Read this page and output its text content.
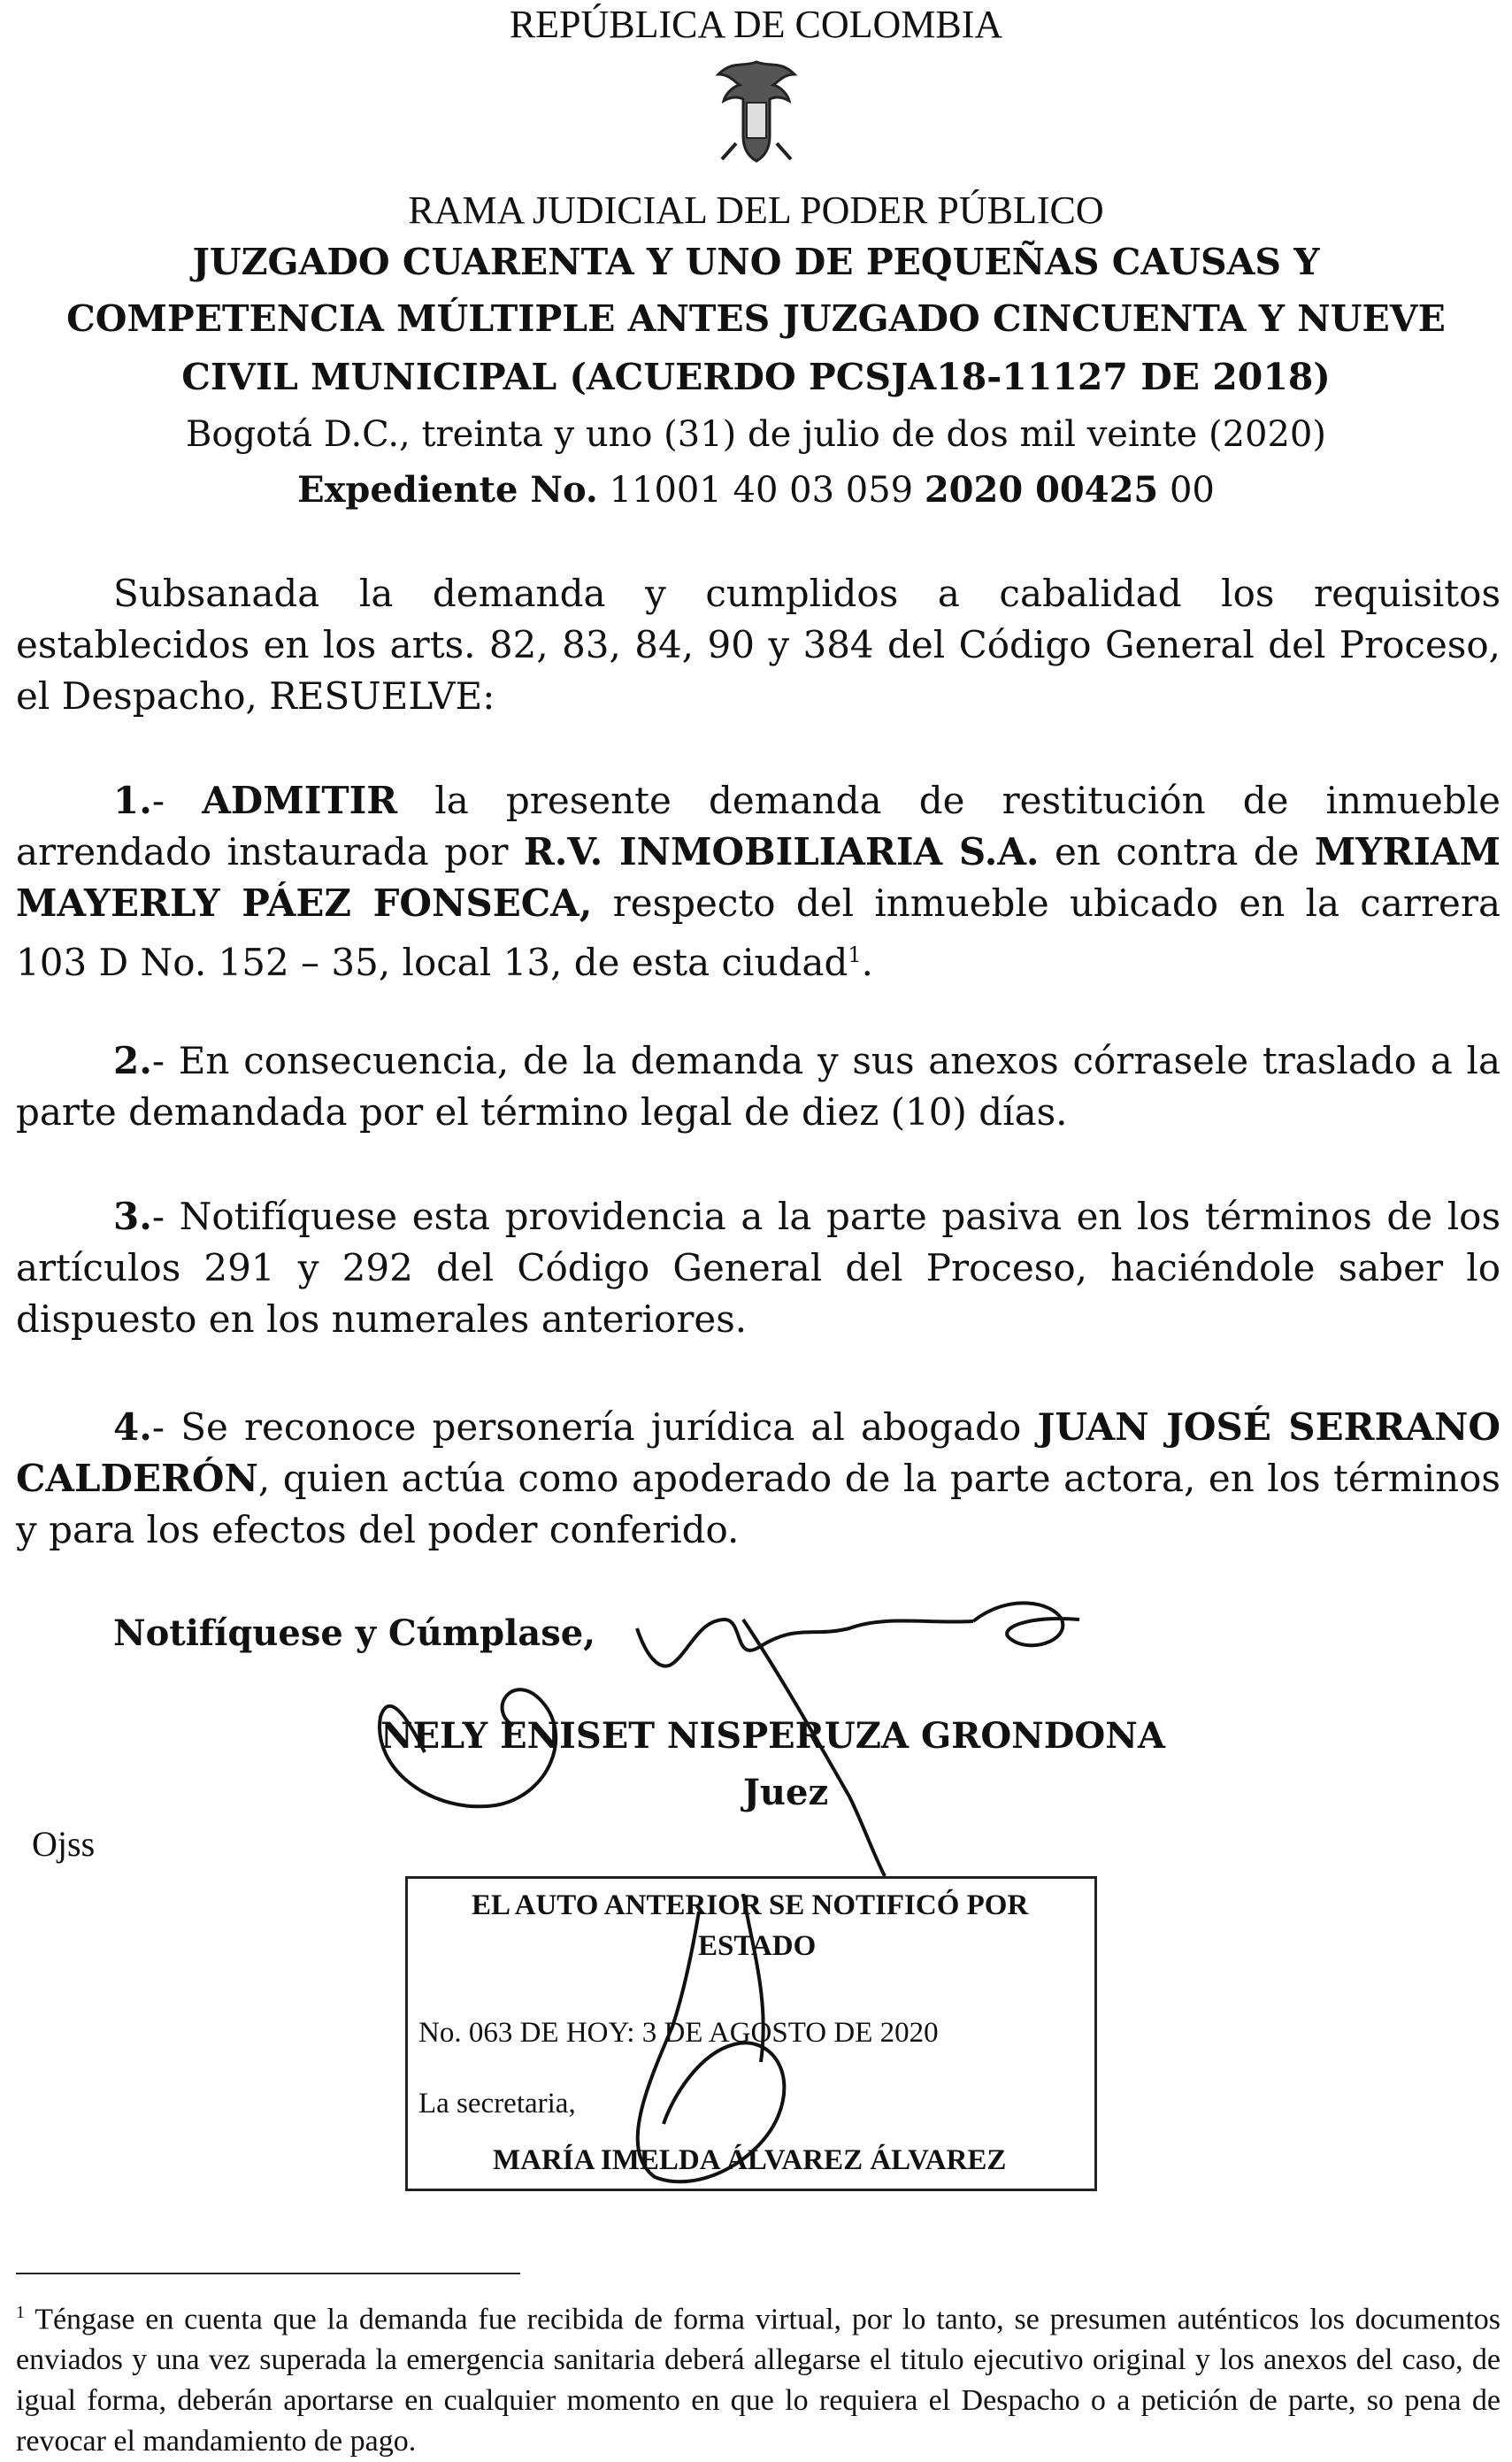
REPÚBLICA DE COLOMBIA
RAMA JUDICIAL DEL PODER PÚBLICO
JUZGADO CUARENTA Y UNO DE PEQUEÑAS CAUSAS Y
COMPETENCIA MÚLTIPLE ANTES JUZGADO CINCUENTA Y NUEVE
CIVIL MUNICIPAL (ACUERDO PCSJA18-11127 DE 2018)
Bogotá D.C., treinta y uno (31) de julio de dos mil veinte (2020)
Expediente No. 11001 40 03 059 2020 00425 00
Subsanada la demanda y cumplidos a cabalidad los requisitos establecidos en los arts. 82, 83, 84, 90 y 384 del Código General del Proceso, el Despacho, RESUELVE:
1.- ADMITIR la presente demanda de restitución de inmueble arrendado instaurada por R.V. INMOBILIARIA S.A. en contra de MYRIAM MAYERLY PÁEZ FONSECA, respecto del inmueble ubicado en la carrera 103 D No. 152 – 35, local 13, de esta ciudad$^1$.
2.- En consecuencia, de la demanda y sus anexos córrasele traslado a la parte demandada por el término legal de diez (10) días.
3.- Notifíquese esta providencia a la parte pasiva en los términos de los artículos 291 y 292 del Código General del Proceso, haciéndole saber lo dispuesto en los numerales anteriores.
4.- Se reconoce personería jurídica al abogado JUAN JOSÉ SERRANO CALDERÓN, quien actúa como apoderado de la parte actora, en los términos y para los efectos del poder conferido.
Notifíquese y Cúmplase,
NELY ENISET NISPERUZA GRONDONA
Juez
Ojss
EL AUTO ANTERIOR SE NOTIFICÓ POR
ESTADO
No. 063 DE HOY: 3 DE AGOSTO DE 2020
La secretaria,
MARÍA IMELDA ÁLVAREZ ÁLVAREZ
$^1$ Téngase en cuenta que la demanda fue recibida de forma virtual, por lo tanto, se presumen auténticos los documentos enviados y una vez superada la emergencia sanitaria deberá allegarse el titulo ejecutivo original y los anexos del caso, de igual forma, deberán aportarse en cualquier momento en que lo requiera el Despacho o a petición de parte, so pena de revocar el mandamiento de pago.
